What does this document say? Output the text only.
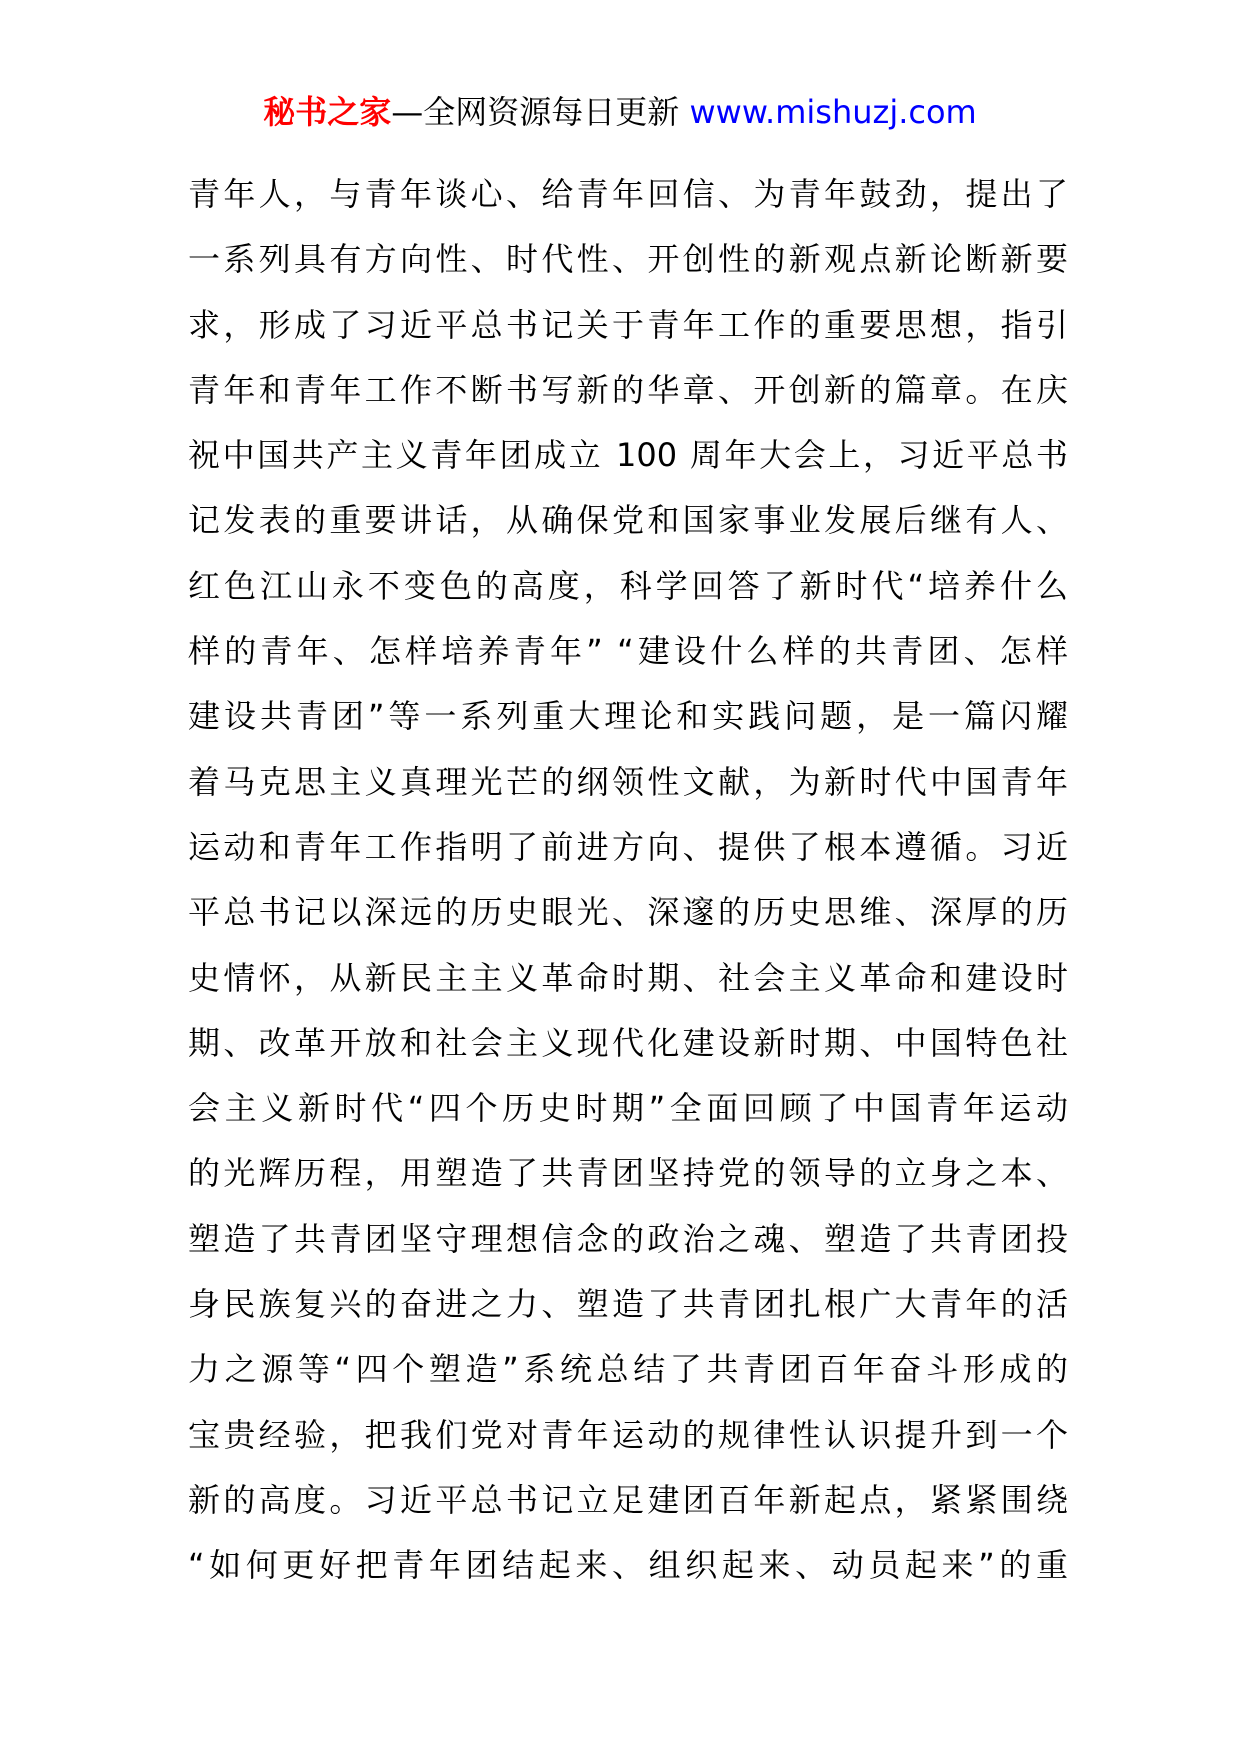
秘书之家—全网资源每日更新 www.mishuzj.com
青年人，与青年谈心、给青年回信、为青年鼓劲，提出了
一系列具有方向性、时代性、开创性的新观点新论断新要
求，形成了习近平总书记关于青年工作的重要思想，指引
青年和青年工作不断书写新的华章、开创新的篇章。在庆
祝中国共产主义青年团成立 100 周年大会上，习近平总书
记发表的重要讲话，从确保党和国家事业发展后继有人、
红色江山永不变色的高度，科学回答了新时代“培养什么
样的青年、怎样培养青年” “建设什么样的共青团、怎样
建设共青团”等一系列重大理论和实践问题，是一篇闪耀
着马克思主义真理光芒的纲领性文献，为新时代中国青年
运动和青年工作指明了前进方向、提供了根本遵循。习近
平总书记以深远的历史眼光、深邃的历史思维、深厚的历
史情怀，从新民主主义革命时期、社会主义革命和建设时
期、改革开放和社会主义现代化建设新时期、中国特色社
会主义新时代“四个历史时期”全面回顾了中国青年运动
的光辉历程，用塑造了共青团坚持党的领导的立身之本、
塑造了共青团坚守理想信念的政治之魂、塑造了共青团投
身民族复兴的奋进之力、塑造了共青团扎根广大青年的活
力之源等“四个塑造”系统总结了共青团百年奋斗形成的
宝贵经验，把我们党对青年运动的规律性认识提升到一个
新的高度。习近平总书记立足建团百年新起点，紧紧围绕
“如何更好把青年团结起来、组织起来、动员起来”的重
